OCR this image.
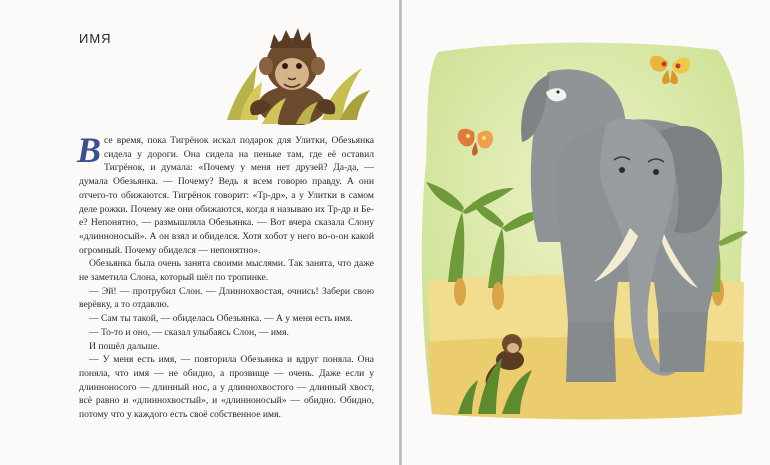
ИМЯ

В се время, пока Тигрёнок искал подарок для Улитки, Обезьянка сидела у дороги. Она сидела на пеньке там, где её оставил Тигрёнок, и думала: «Почему у меня нет друзей? Да-да, — думала Обезьянка. — Почему? Ведь я всем говорю правду. А они отчего-то обижаются. Тигрёнок говорит: «Тр-др», а у Улитки в самом деле рожки. Почему же они обижаются, когда я называю их Тр-др и Бе-е? Непонятно, — размышляла Обезьянка. — Вот вчера сказала Слону «длинноносый». А он взял и обиделся. Хотя хобот у него во-о-он какой огромный. Почему обиделся — непонятно».

Обезьянка была очень занята своими мыслями. Так занята, что даже не заметила Слона, который шёл по тропинке.

— Эй! — протрубил Слон. — Длиннохвостая, очнись! Забери свою верёвку, а то отдавлю.

— Сам ты такой, — обиделась Обезьянка. — А у меня есть имя.

— То-то и оно, — сказал улыбаясь Слон, — имя.

И пошёл дальше.

— У меня есть имя, — повторила Обезьянка и вдруг поняла. Она поняла, что имя — не обидно, а прозвище — очень. Даже если у длинноносого — длинный нос, а у длиннохвостого — длинный хвост, всё равно и «длиннохвостый», и «длинноносый» — обидно. Обидно, потому что у каждого есть своё собственное имя.
